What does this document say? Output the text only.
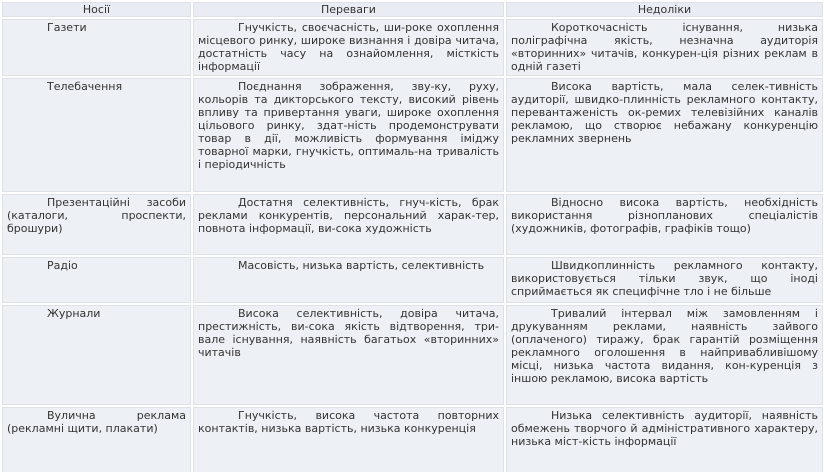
Носії	Переваги	Недоліки
Газети	Гнучкість, своєчасність, ши-роке охоплення місцевого ринку, широке визнання і довіра читача, достатність часу на ознайомлення, місткість інформації	Короткочасність існування, низька поліграфічна якість, незначна аудиторія «вторинних» читачів, конкурен-ція різних реклам в одній газеті
Телебачення	Поєднання зображення, зву-ку, руху, кольорів та дикторського тексту, високий рівень впливу та привертання уваги, широке охоплення цільового ринку, здат-ність продемонструвати товар в дії, можливість формування іміджу товарної марки, гнучкість, оптималь-на тривалість і періодичність	Висока вартість, мала селек-тивність аудиторії, швидко-плинність рекламного контакту, перевантаженість ок-ремих телевізійних каналів рекламою, що створює небажану конкуренцію рекламних звернень
Презентаційні засоби (каталоги, проспекти, брошури)	Достатня селективність, гнуч-кість, брак реклами конкурентів, персональний харак-тер, повнота інформації, ви-сока художність	Відносно висока вартість, необхідність використання різнопланових спеціалістів (художників, фотографів, графіків тощо)
Радіо	Масовість, низька вартість, селективність	Швидкоплинність рекламного контакту, використовується тільки звук, що іноді сприймається як специфічне тло і не більше
Журнали	Висока селективність, довіра читача, престижність, ви-сока якість відтворення, три-вале існування, наявність багатьох «вторинних» читачів	Тривалий інтервал між замовленням і друкуванням реклами, наявність зайвого (оплаченого) тиражу, брак гарантій розміщення рекламного оголошення в найпривабливішому місці, низька частота видання, кон-куренція з іншою рекламою, висока вартість
Вулична реклама (рекламні щити, плакати)	Гнучкість, висока частота повторних контактів, низька вартість, низька конкуренція	Низька селективність аудиторії, наявність обмежень творчого й адміністративного характеру, низька міст-кість інформації
